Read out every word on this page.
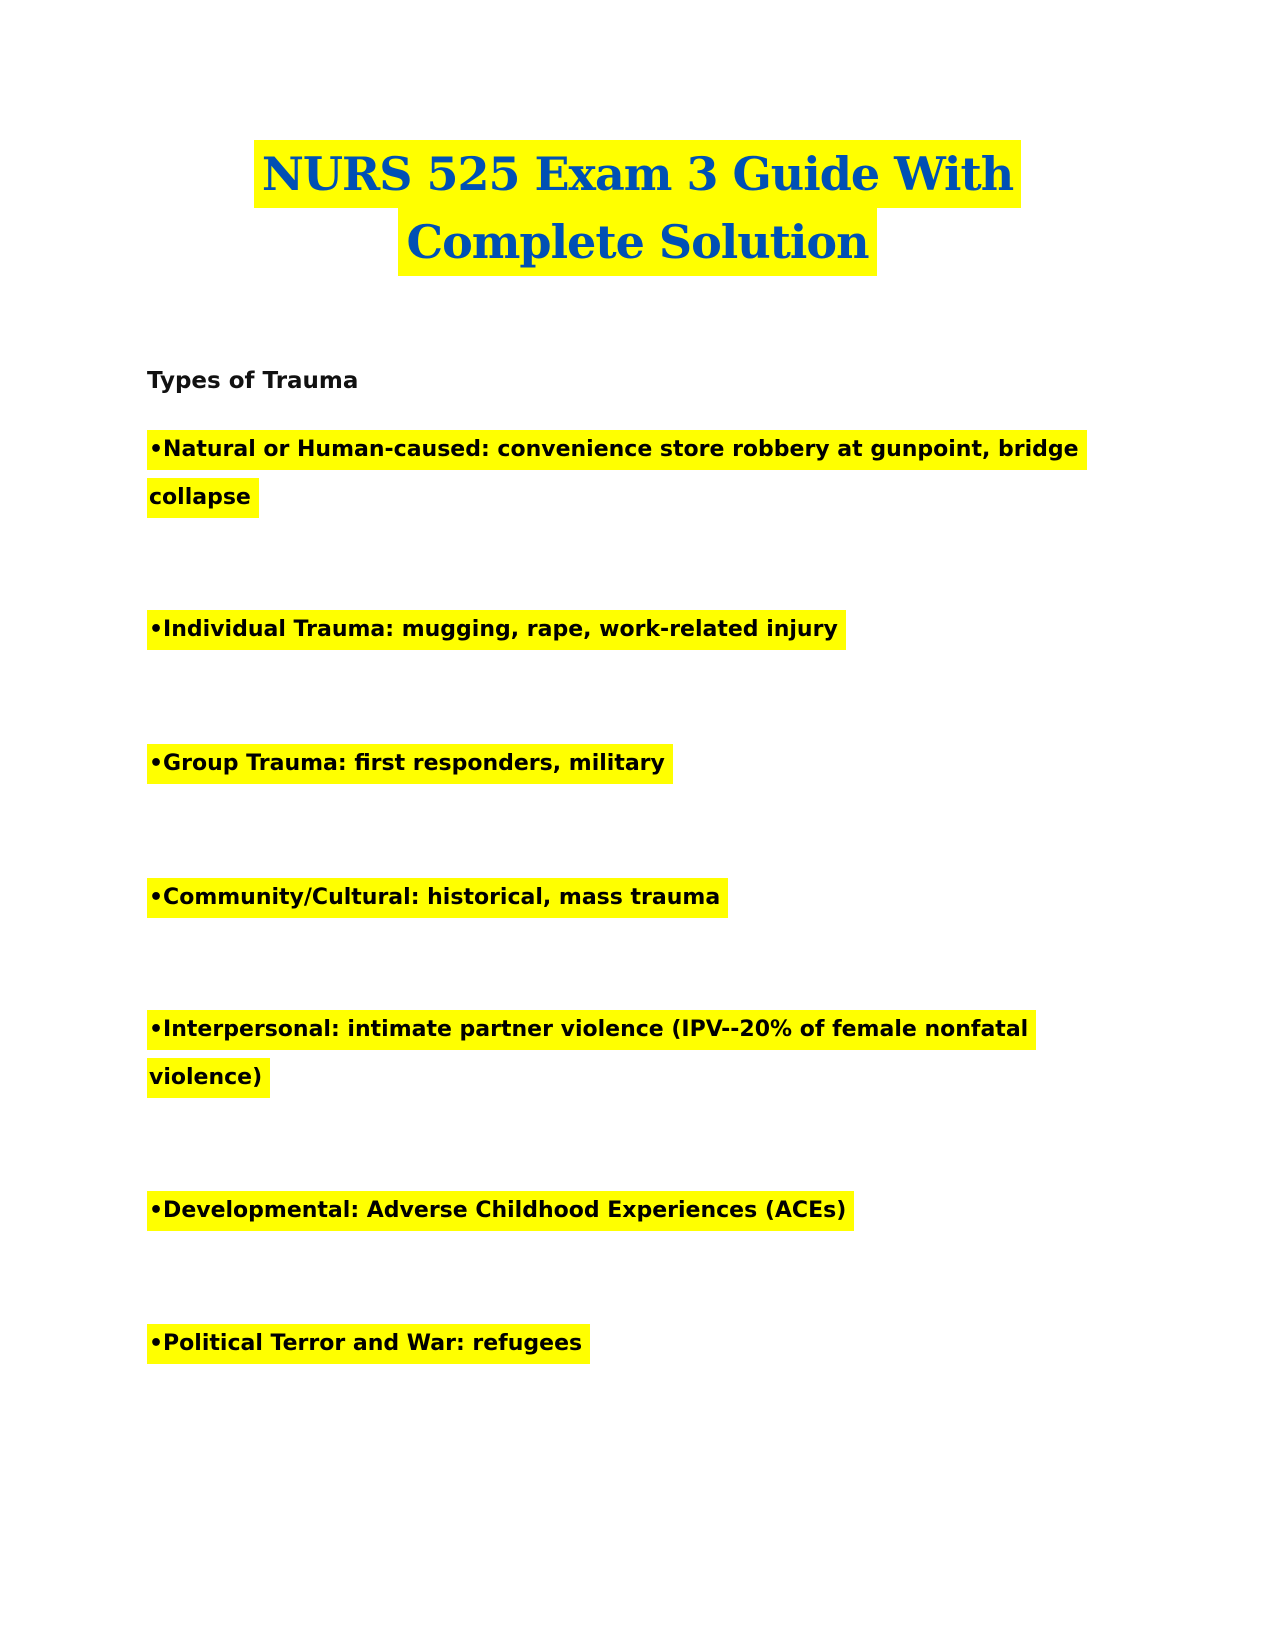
NURS 525 Exam 3 Guide With
Complete Solution
Types of Trauma
•Natural or Human-caused: convenience store robbery at gunpoint, bridge
collapse
•Individual Trauma: mugging, rape, work-related injury
•Group Trauma: first responders, military
•Community/Cultural: historical, mass trauma
•Interpersonal: intimate partner violence (IPV--20% of female nonfatal
violence)
•Developmental: Adverse Childhood Experiences (ACEs)
•Political Terror and War: refugees
